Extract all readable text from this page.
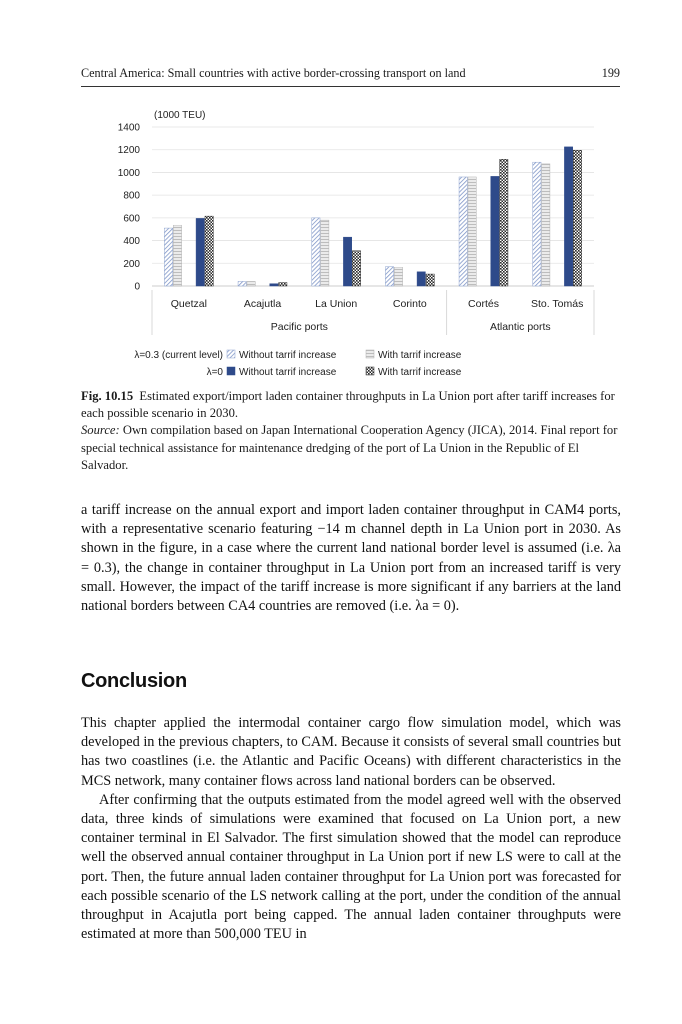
Central America: Small countries with active border-crossing transport on land	199
(1000 TEU)
1400
1200
1000
800
600
400
200
0
Quetzal	Acajutla	La Union	Corinto	Cortés	Sto. Tomás
Pacific ports	Atlantic ports
λ=0.3 (current level) Without tarrif increase	With tarrif increase
λ=0 Without tarrif increase	With tarrif increase
Fig. 10.15 Estimated export/import laden container throughputs in La Union port after tariff increases for each possible scenario in 2030.
Source: Own compilation based on Japan International Cooperation Agency (JICA), 2014. Final report for special technical assistance for maintenance dredging of the port of La Union in the Republic of El Salvador.

a tariff increase on the annual export and import laden container throughput in CAM4 ports, with a representative scenario featuring −14 m channel depth in La Union port in 2030. As shown in the figure, in a case where the current land national border level is assumed (i.e. λa = 0.3), the change in container throughput in La Union port from an increased tariff is very small. However, the impact of the tariff increase is more significant if any barriers at the land national borders between CA4 countries are removed (i.e. λa = 0).

Conclusion

This chapter applied the intermodal container cargo flow simulation model, which was developed in the previous chapters, to CAM. Because it consists of several small countries but has two coastlines (i.e. the Atlantic and Pacific Oceans) with different characteristics in the MCS network, many container flows across land national borders can be observed.

After confirming that the outputs estimated from the model agreed well with the observed data, three kinds of simulations were examined that focused on La Union port, a new container terminal in El Salvador. The first simulation showed that the model can reproduce well the observed annual container throughput in La Union port if new LS were to call at the port. Then, the future annual laden container throughput for La Union port was forecasted for each possible scenario of the LS network calling at the port, under the condition of the annual throughput in Acajutla port being capped. The annual laden container throughputs were estimated at more than 500,000 TEU in
